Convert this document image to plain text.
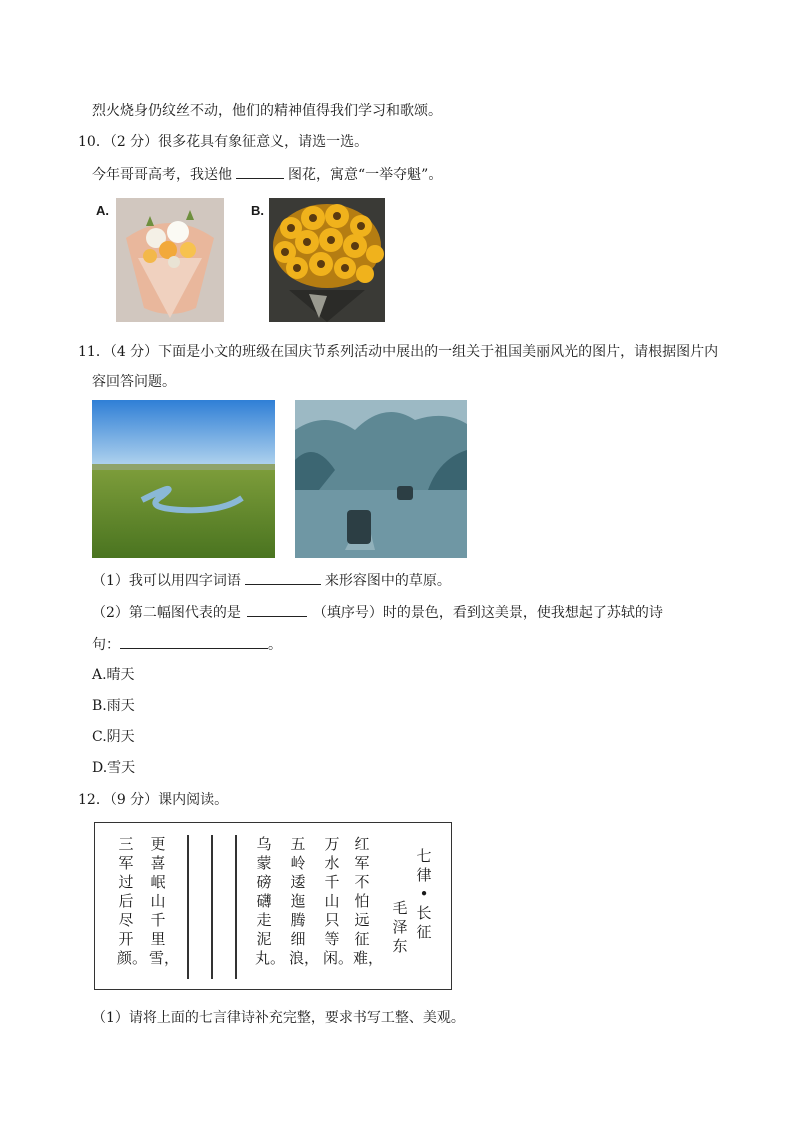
烈火烧身仍纹丝不动，他们的精神值得我们学习和歌颂。
10．（2 分）很多花具有象征意义，请选一选。
今年哥哥高考，我送他	图花，寓意“一举夺魁”。
A.	B.
11．（4 分）下面是小文的班级在国庆节系列活动中展出的一组关于祖国美丽风光的图片，请根据图片内
容回答问题。
（1）我可以用四字词语	来形容图中的草原。
（2）第二幅图代表的是	（填序号）时的景色，看到这美景，使我想起了苏轼的诗
句：	。
A.晴天
B.雨天
C.阴天
D.雪天
12．（9 分）课内阅读。
三军过后尽开颜。
更喜岷山千里雪，
乌蒙磅礴走泥丸。
五岭逶迤腾细浪，
万水千山只等闲。
红军不怕远征难，
毛泽东
七律•长征
（1）请将上面的七言律诗补充完整，要求书写工整、美观。
